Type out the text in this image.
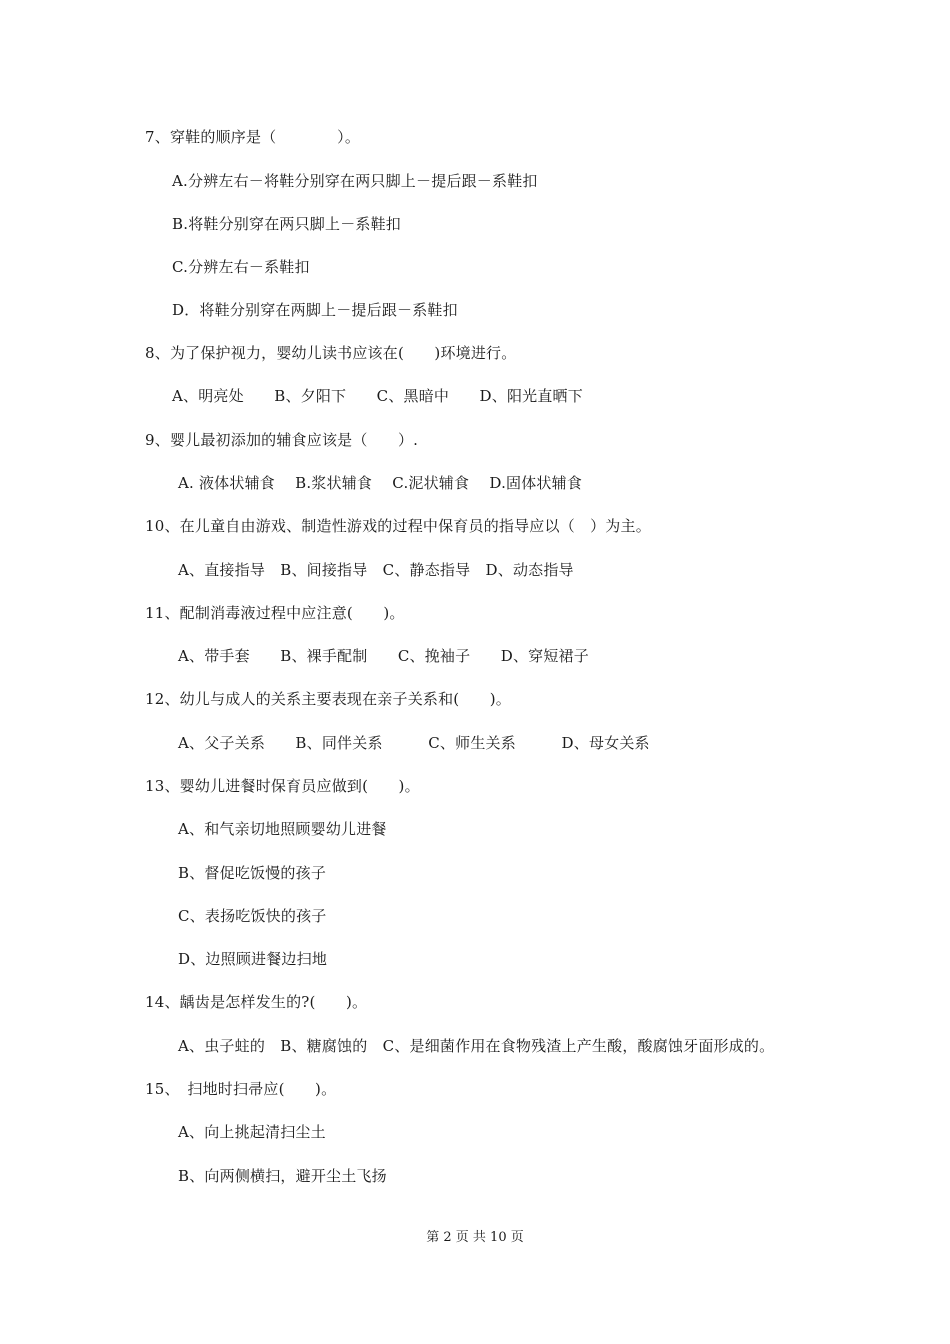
7、穿鞋的顺序是（　　　　）。
A.分辨左右－将鞋分别穿在两只脚上－提后跟－系鞋扣
B.将鞋分别穿在两只脚上－系鞋扣
C.分辨左右－系鞋扣
D．将鞋分别穿在两脚上－提后跟－系鞋扣
8、为了保护视力，婴幼儿读书应该在(　　)环境进行。
A、明亮处　　B、夕阳下　　C、黑暗中　　D、阳光直晒下
9、婴儿最初添加的辅食应该是（　　）.
A. 液体状辅食　 B.浆状辅食　 C.泥状辅食　 D.固体状辅食
10、在儿童自由游戏、制造性游戏的过程中保育员的指导应以（　）为主。
A、直接指导　B、间接指导　C、静态指导　D、动态指导
11、配制消毒液过程中应注意(　　)。
A、带手套　　B、裸手配制　　C、挽袖子　　D、穿短裙子
12、幼儿与成人的关系主要表现在亲子关系和(　　)。
A、父子关系　　B、同伴关系　　　C、师生关系　　　D、母女关系
13、婴幼儿进餐时保育员应做到(　　)。
A、和气亲切地照顾婴幼儿进餐
B、督促吃饭慢的孩子
C、表扬吃饭快的孩子
D、边照顾进餐边扫地
14、龋齿是怎样发生的?(　　)。
A、虫子蛀的　B、糖腐蚀的　C、是细菌作用在食物残渣上产生酸，酸腐蚀牙面形成的。
15、　扫地时扫帚应(　　)。
A、向上挑起清扫尘土
B、向两侧横扫，避开尘土飞扬
第 2 页 共 10 页
